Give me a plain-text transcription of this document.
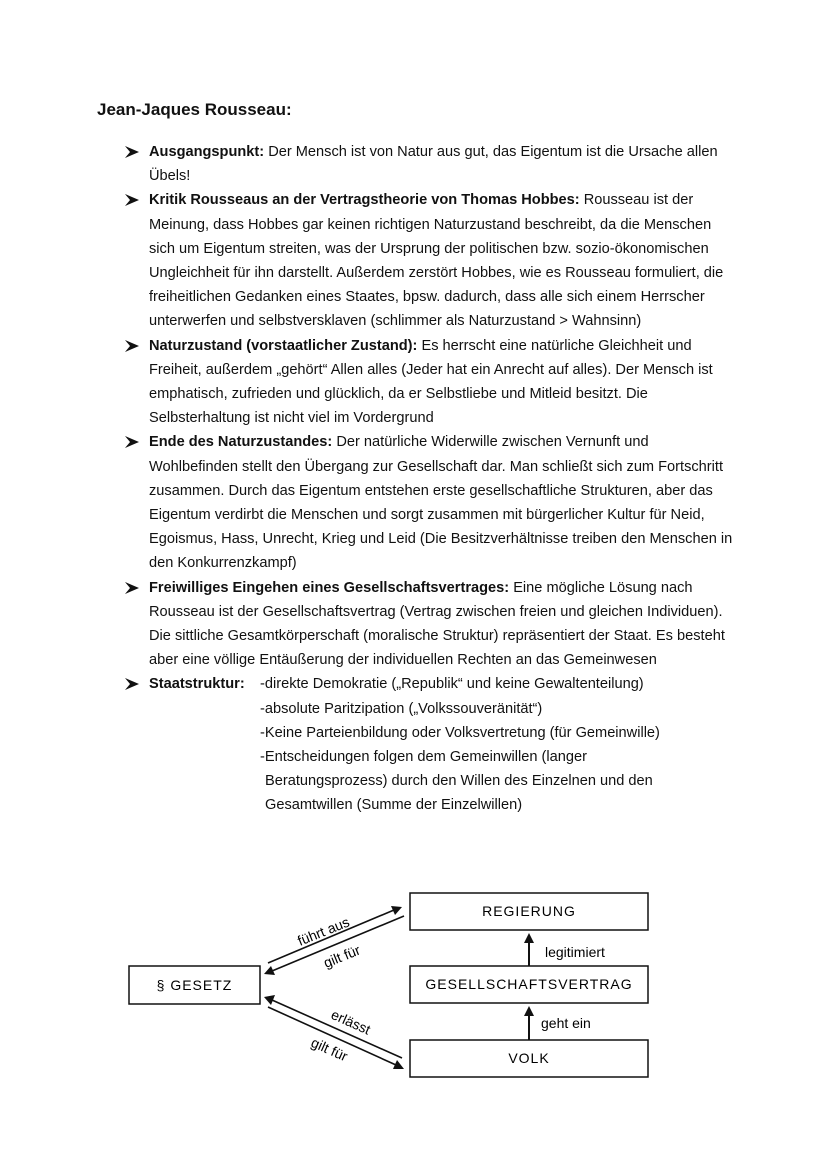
Jean-Jaques Rousseau:
Ausgangspunkt: Der Mensch ist von Natur aus gut, das Eigentum ist die Ursache allen Übels!
Kritik Rousseaus an der Vertragstheorie von Thomas Hobbes: Rousseau ist der Meinung, dass Hobbes gar keinen richtigen Naturzustand beschreibt, da die Menschen sich um Eigentum streiten, was der Ursprung der politischen bzw. sozio-ökonomischen Ungleichheit für ihn darstellt. Außerdem zerstört Hobbes, wie es Rousseau formuliert, die freiheitlichen Gedanken eines Staates, bpsw. dadurch, dass alle sich einem Herrscher unterwerfen und selbstversklaven (schlimmer als Naturzustand > Wahnsinn)
Naturzustand (vorstaatlicher Zustand): Es herrscht eine natürliche Gleichheit und Freiheit, außerdem „gehört“ Allen alles (Jeder hat ein Anrecht auf alles). Der Mensch ist emphatisch, zufrieden und glücklich, da er Selbstliebe und Mitleid besitzt. Die Selbsterhaltung ist nicht viel im Vordergrund
Ende des Naturzustandes: Der natürliche Widerwille zwischen Vernunft und Wohlbefinden stellt den Übergang zur Gesellschaft dar. Man schließt sich zum Fortschritt zusammen. Durch das Eigentum entstehen erste gesellschaftliche Strukturen, aber das Eigentum verdirbt die Menschen und sorgt zusammen mit bürgerlicher Kultur für Neid, Egoismus, Hass, Unrecht, Krieg und Leid (Die Besitzverhältnisse treiben den Menschen in den Konkurrenzkampf)
Freiwilliges Eingehen eines Gesellschaftsvertrages: Eine mögliche Lösung nach Rousseau ist der Gesellschaftsvertrag (Vertrag zwischen freien und gleichen Individuen). Die sittliche Gesamtkörperschaft (moralische Struktur) repräsentiert der Staat. Es besteht aber eine völlige Entäußerung der individuellen Rechten an das Gemeinwesen
Staatstruktur:	-direkte Demokratie („Republik“ und keine Gewaltenteilung)
-absolute Paritzipation („Volkssouveränität“)
-Keine Parteienbildung oder Volksvertretung (für Gemeinwille)
-Entscheidungen folgen dem Gemeinwillen (langer
Beratungsprozess) durch den Willen des Einzelnen und den
Gesamtwillen (Summe der Einzelwillen)
§ GESETZ
REGIERUNG
GESELLSCHAFTSVERTRAG
VOLK
geht ein
legitimiert
führt aus
gilt für
erlässt
gilt für
